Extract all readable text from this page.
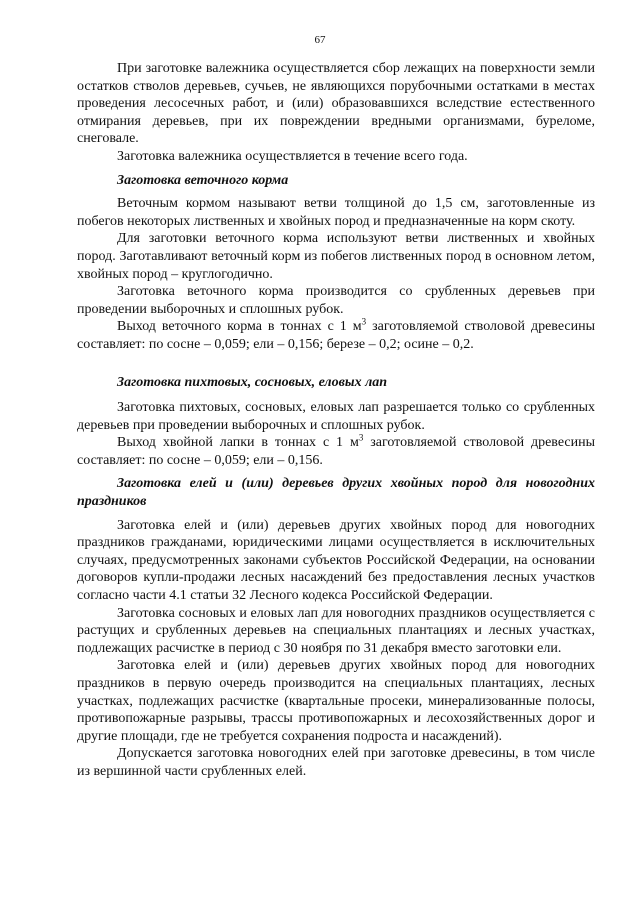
67

При заготовке валежника осуществляется сбор лежащих на поверхности земли остатков стволов деревьев, сучьев, не являющихся порубочными остатками в местах проведения лесосечных работ, и (или) образовавшихся вследствие естественного отмирания деревьев, при их повреждении вредными организмами, буреломе, снеговале.

Заготовка валежника осуществляется в течение всего года.

Заготовка веточного корма

Веточным кормом называют ветви толщиной до 1,5 см, заготовленные из побегов некоторых лиственных и хвойных пород и предназначенные на корм скоту.

Для заготовки веточного корма используют ветви лиственных и хвойных пород. Заготавливают веточный корм из побегов лиственных пород в основном летом, хвойных пород – круглогодично.

Заготовка веточного корма производится со срубленных деревьев при проведении выборочных и сплошных рубок.

Выход веточного корма в тоннах с 1 $м^3$ заготовляемой стволовой древесины составляет: по сосне – 0,059; ели – 0,156; березе – 0,2; осине – 0,2.

Заготовка пихтовых, сосновых, еловых лап

Заготовка пихтовых, сосновых, еловых лап разрешается только со срубленных деревьев при проведении выборочных и сплошных рубок.

Выход хвойной лапки в тоннах с 1 $м^3$ заготовляемой стволовой древесины составляет: по сосне – 0,059; ели – 0,156.

Заготовка елей и (или) деревьев других хвойных пород для новогодних праздников

Заготовка елей и (или) деревьев других хвойных пород для новогодних праздников гражданами, юридическими лицами осуществляется в исключительных случаях, предусмотренных законами субъектов Российской Федерации, на основании договоров купли-продажи лесных насаждений без предоставления лесных участков согласно части 4.1 статьи 32 Лесного кодекса Российской Федерации.

Заготовка сосновых и еловых лап для новогодних праздников осуществляется с растущих и срубленных деревьев на специальных плантациях и лесных участках, подлежащих расчистке в период с 30 ноября по 31 декабря вместо заготовки ели.

Заготовка елей и (или) деревьев других хвойных пород для новогодних праздников в первую очередь производится на специальных плантациях, лесных участках, подлежащих расчистке (квартальные просеки, минерализованные полосы, противопожарные разрывы, трассы противопожарных и лесохозяйственных дорог и другие площади, где не требуется сохранения подроста и насаждений).

Допускается заготовка новогодних елей при заготовке древесины, в том числе из вершинной части срубленных елей.
